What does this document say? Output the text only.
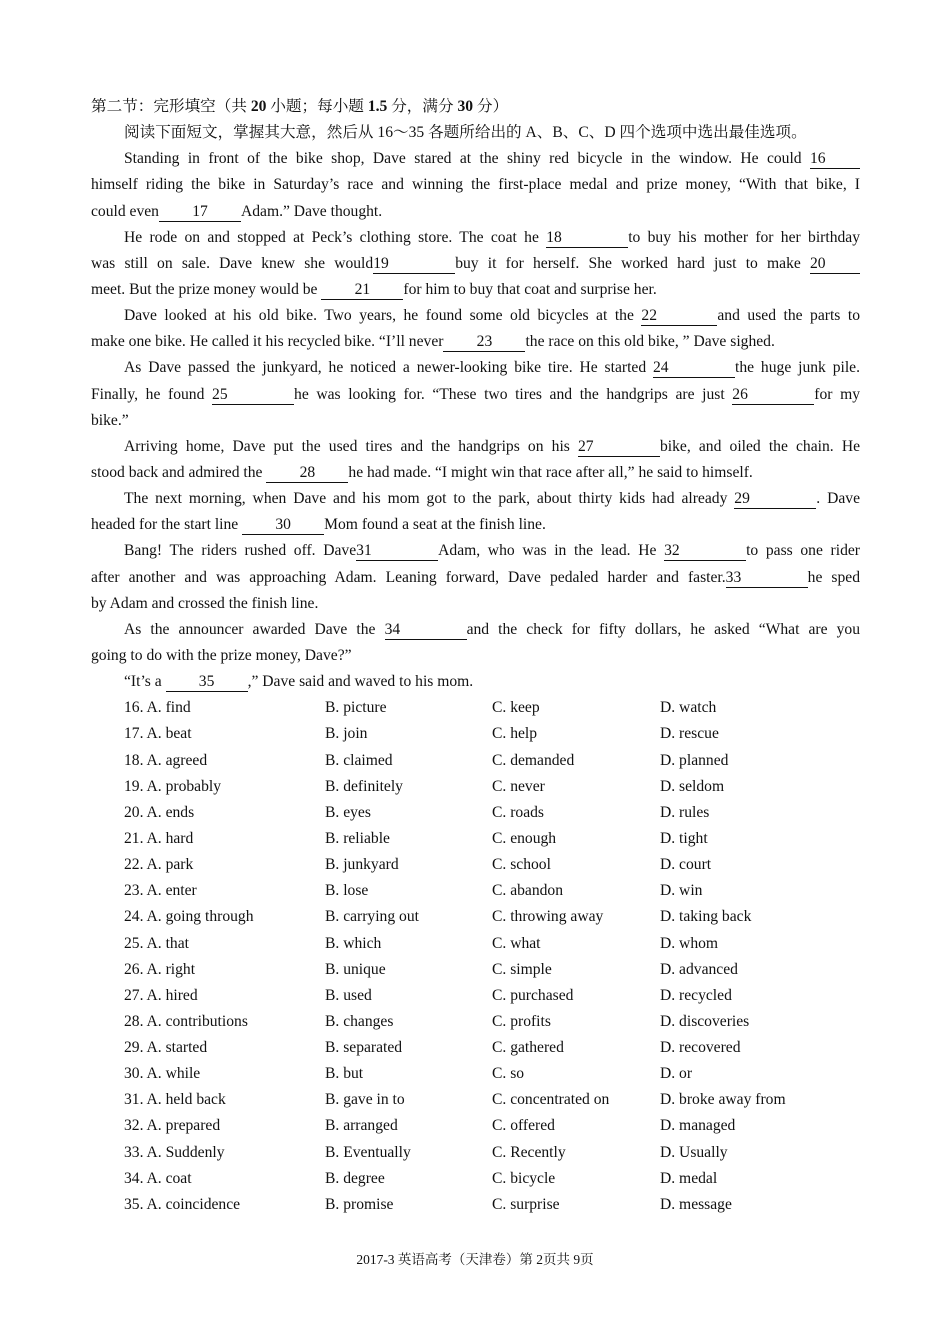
第二节：完形填空（共 20 小题；每小题 1.5 分，满分 30 分）
阅读下面短文，掌握其大意，然后从 16～35 各题所给出的 A、B、C、D 四个选项中选出最佳选项。
Standing in front of the bike shop, Dave stared at the shiny red bicycle in the window. He could 16
himself riding the bike in Saturday’s race and winning the first-place medal and prize money, “With that bike, I
could even 17 Adam.” Dave thought.
He rode on and stopped at Peck’s clothing store. The coat he 18	to buy his mother for her birthday
was still on sale. Dave knew she would19	buy it for herself. She worked hard just to make 20
meet. But the prize money would be 21 for him to buy that coat and surprise her.
Dave looked at his old bike. Two years, he found some old bicycles at the 22	and used the parts to
make one bike. He called it his recycled bike. “I’ll never 23 the race on this old bike, ” Dave sighed.
As Dave passed the junkyard, he noticed a newer-looking bike tire. He started 24	the huge junk pile.
Finally, he found 25	he was looking for. “These two tires and the handgrips are just 26	for my
bike.”
Arriving home, Dave put the used tires and the handgrips on his 27	bike, and oiled the chain. He
stood back and admired the 28 he had made. “I might win that race after all,” he said to himself.
The next morning, when Dave and his mom got to the park, about thirty kids had already 29	. Dave
headed for the start line 30 Mom found a seat at the finish line.
Bang! The riders rushed off. Dave31	Adam, who was in the lead. He 32	to pass one rider
after another and was approaching Adam. Leaning forward, Dave pedaled harder and faster.33	he sped
by Adam and crossed the finish line.
As the announcer awarded Dave the 34	and the check for fifty dollars, he asked “What are you
going to do with the prize money, Dave?”
“It’s a 35 ,” Dave said and waved to his mom.
16. A. find	B. picture	C. keep	D. watch
17. A. beat	B. join	C. help	D. rescue
18. A. agreed	B. claimed	C. demanded	D. planned
19. A. probably	B. definitely	C. never	D. seldom
20. A. ends	B. eyes	C. roads	D. rules
21. A. hard	B. reliable	C. enough	D. tight
22. A. park	B. junkyard	C. school	D. court
23. A. enter	B. lose	C. abandon	D. win
24. A. going through	B. carrying out	C. throwing away	D. taking back
25. A. that	B. which	C. what	D. whom
26. A. right	B. unique	C. simple	D. advanced
27. A. hired	B. used	C. purchased	D. recycled
28. A. contributions	B. changes	C. profits	D. discoveries
29. A. started	B. separated	C. gathered	D. recovered
30. A. while	B. but	C. so	D. or
31. A. held back	B. gave in to	C. concentrated on	D. broke away from
32. A. prepared	B. arranged	C. offered	D. managed
33. A. Suddenly	B. Eventually	C. Recently	D. Usually
34. A. coat	B. degree	C. bicycle	D. medal
35. A. coincidence	B. promise	C. surprise	D. message
2017-3 英语高考（天津卷）第 2页共 9页
